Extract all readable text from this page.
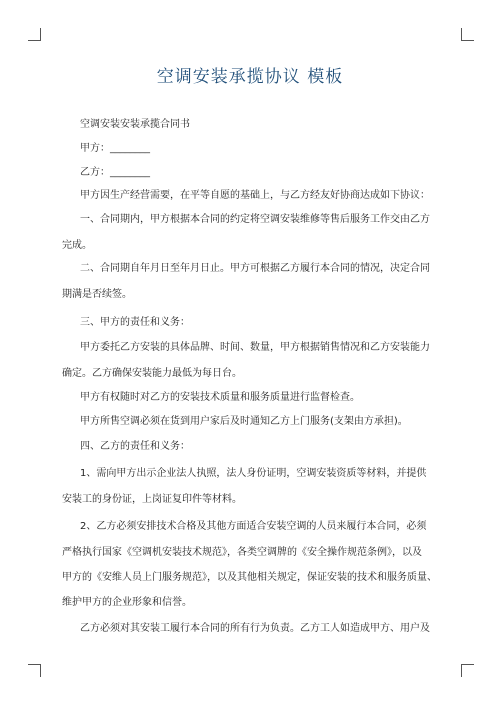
空调安装承揽协议 模板
空调安装安装承揽合同书
甲方：________
乙方：________
甲方因生产经营需要，在平等自愿的基础上，与乙方经友好协商达成如下协议：
一、合同期内，甲方根据本合同的约定将空调安装维修等售后服务工作交由乙方
完成。
二、合同期自年月日至年月日止。甲方可根据乙方履行本合同的情况，决定合同
期满是否续签。
三、甲方的责任和义务：
甲方委托乙方安装的具体品牌、时间、数量，甲方根据销售情况和乙方安装能力
确定。乙方确保安装能力最低为每日台。
甲方有权随时对乙方的安装技术质量和服务质量进行监督检查。
甲方所售空调必须在货到用户家后及时通知乙方上门服务(支架由方承担)。
四、乙方的责任和义务：
1、需向甲方出示企业法人执照，法人身份证明，空调安装资质等材料，并提供
安装工的身份证，上岗证复印件等材料。
2、乙方必须安排技术合格及其他方面适合安装空调的人员来履行本合同，必须
严格执行国家《空调机安装技术规范》，各类空调牌的《安全操作规范条例》，以及
甲方的《安维人员上门服务规范》，以及其他相关规定，保证安装的技术和服务质量、
维护甲方的企业形象和信誉。
乙方必须对其安装工履行本合同的所有行为负责。乙方工人如造成甲方、用户及
